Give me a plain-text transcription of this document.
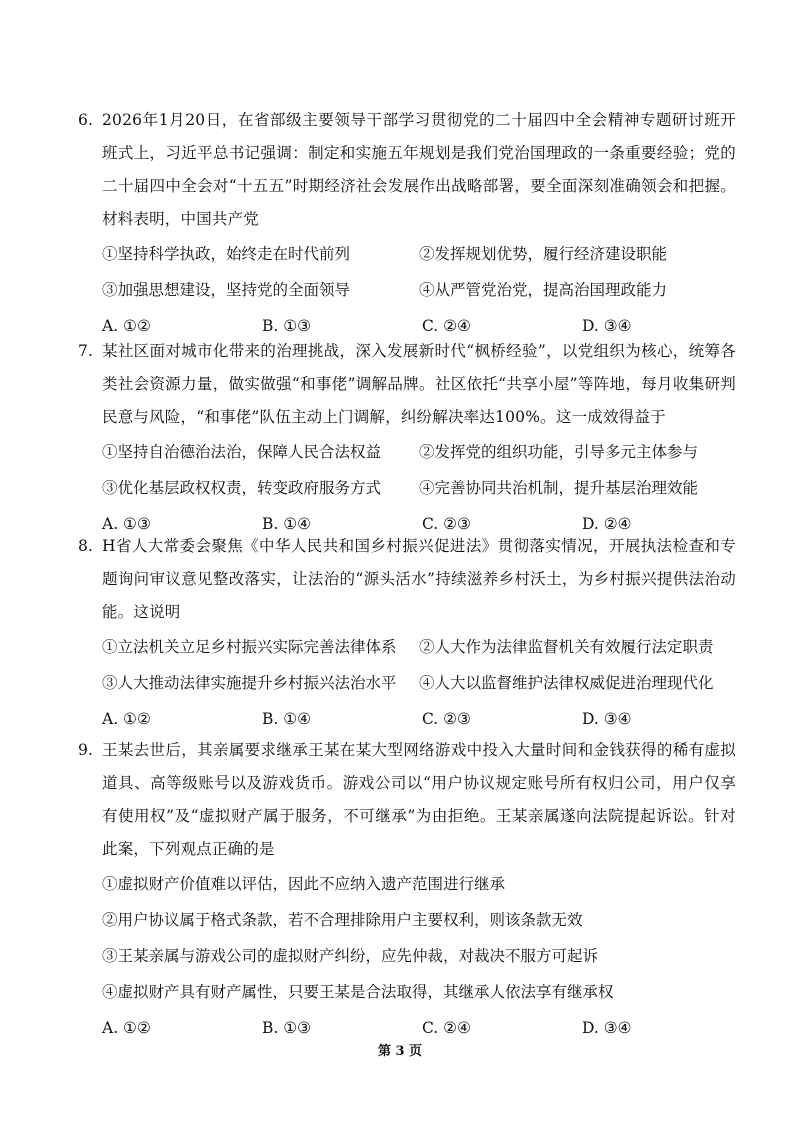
6. 2026年1月20日，在省部级主要领导干部学习贯彻党的二十届四中全会精神专题研讨班开班式上，习近平总书记强调：制定和实施五年规划是我们党治国理政的一条重要经验；党的二十届四中全会对“十五五”时期经济社会发展作出战略部署，要全面深刻准确领会和把握。材料表明，中国共产党
①坚持科学执政，始终走在时代前列	②发挥规划优势，履行经济建设职能
③加强思想建设，坚持党的全面领导	④从严管党治党，提高治国理政能力
A. ①②	B. ①③	C. ②④	D. ③④
7. 某社区面对城市化带来的治理挑战，深入发展新时代“枫桥经验”，以党组织为核心，统筹各类社会资源力量，做实做强“和事佬”调解品牌。社区依托“共享小屋”等阵地，每月收集研判民意与风险，“和事佬”队伍主动上门调解，纠纷解决率达100%。这一成效得益于
①坚持自治德治法治，保障人民合法权益	②发挥党的组织功能，引导多元主体参与
③优化基层政权权责，转变政府服务方式	④完善协同共治机制，提升基层治理效能
A. ①③	B. ①④	C. ②③	D. ②④
8. H省人大常委会聚焦《中华人民共和国乡村振兴促进法》贯彻落实情况，开展执法检查和专题询问审议意见整改落实，让法治的“源头活水”持续滋养乡村沃土，为乡村振兴提供法治动能。这说明
①立法机关立足乡村振兴实际完善法律体系	②人大作为法律监督机关有效履行法定职责
③人大推动法律实施提升乡村振兴法治水平	④人大以监督维护法律权威促进治理现代化
A. ①②	B. ①④	C. ②③	D. ③④
9. 王某去世后，其亲属要求继承王某在某大型网络游戏中投入大量时间和金钱获得的稀有虚拟道具、高等级账号以及游戏货币。游戏公司以“用户协议规定账号所有权归公司，用户仅享有使用权”及“虚拟财产属于服务，不可继承”为由拒绝。王某亲属遂向法院提起诉讼。针对此案，下列观点正确的是
①虚拟财产价值难以评估，因此不应纳入遗产范围进行继承
②用户协议属于格式条款，若不合理排除用户主要权利，则该条款无效
③王某亲属与游戏公司的虚拟财产纠纷，应先仲裁，对裁决不服方可起诉
④虚拟财产具有财产属性，只要王某是合法取得，其继承人依法享有继承权
A. ①②	B. ①③	C. ②④	D. ③④
第 3 页
